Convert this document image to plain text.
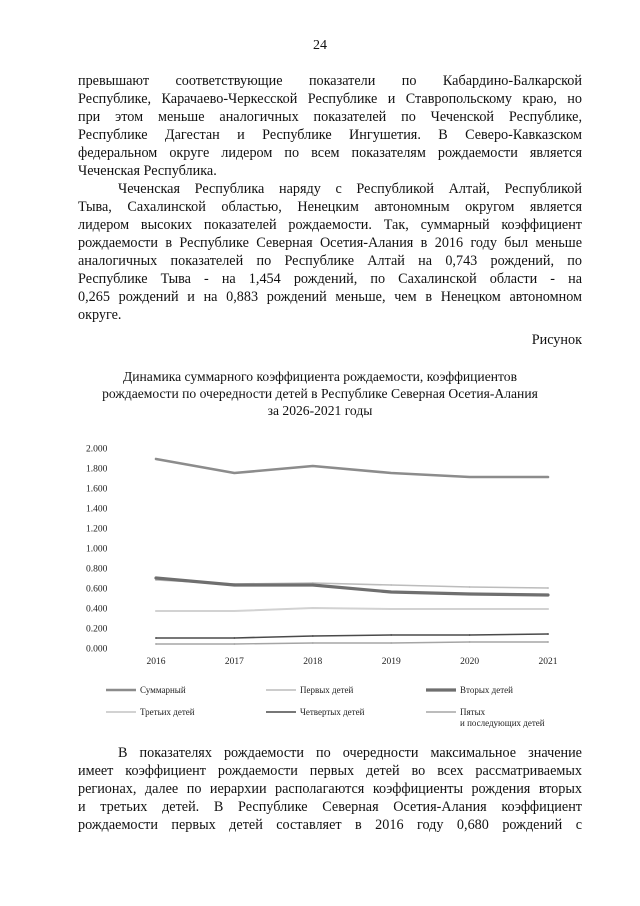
24
превышают соответствующие показатели по Кабардино-Балкарской
Республике, Карачаево-Черкесской Республике и Ставропольскому краю, но
при этом меньше аналогичных показателей по Чеченской Республике,
Республике Дагестан и Республике Ингушетия. В Северо-Кавказском
федеральном округе лидером по всем показателям рождаемости является
Чеченская Республика.
Чеченская Республика наряду с Республикой Алтай, Республикой
Тыва, Сахалинской областью, Ненецким автономным округом является
лидером высоких показателей рождаемости. Так, суммарный коэффициент
рождаемости в Республике Северная Осетия-Алания в 2016 году был меньше
аналогичных показателей по Республике Алтай на 0,743 рождений, по
Республике Тыва - на 1,454 рождений, по Сахалинской области - на
0,265 рождений и на 0,883 рождений меньше, чем в Ненецком автономном
округе.
Рисунок
Динамика суммарного коэффициента рождаемости, коэффициентов
рождаемости по очередности детей в Республике Северная Осетия-Алания
за 2026-2021 годы
0.000
0.200
0.400
0.600
0.800
1.000
1.200
1.400
1.600
1.800
2.000
2016	2017	2018	2019	2020	2021
Суммарный	Первых детей	Вторых детей
Третьих детей	Четвертых детей	Пятых
и последующих детей
В показателях рождаемости по очередности максимальное значение
имеет коэффициент рождаемости первых детей во всех рассматриваемых
регионах, далее по иерархии располагаются коэффициенты рождения вторых
и третьих детей. В Республике Северная Осетия-Алания коэффициент
рождаемости первых детей составляет в 2016 году 0,680 рождений с
